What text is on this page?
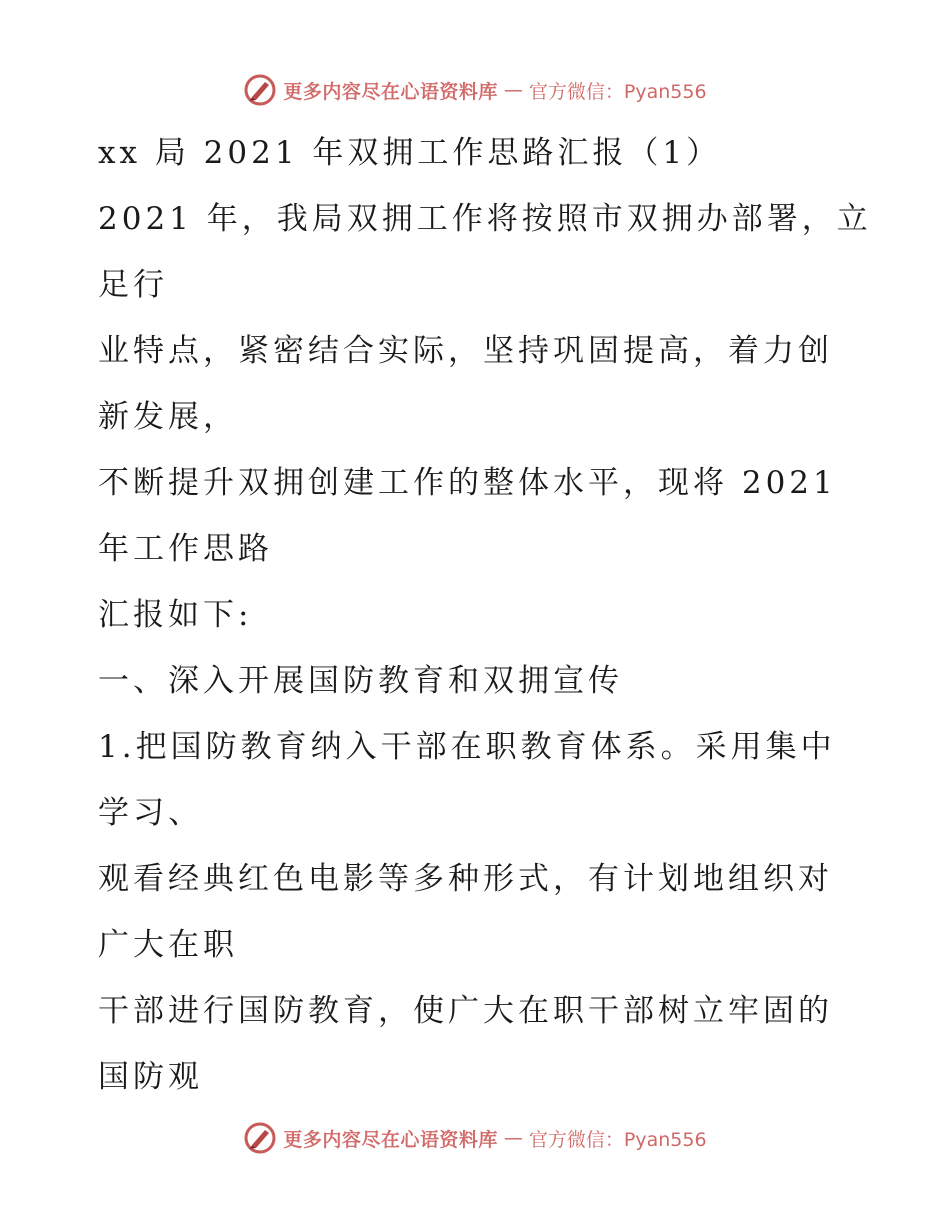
更多内容尽在心语资料库 — 官方微信：Pyan556
xx 局 2021 年双拥工作思路汇报（1）
2021 年，我局双拥工作将按照市双拥办部署，立
足行
业特点，紧密结合实际，坚持巩固提高，着力创
新发展，
不断提升双拥创建工作的整体水平，现将 2021
年工作思路
汇报如下:
一、深入开展国防教育和双拥宣传
1.把国防教育纳入干部在职教育体系。采用集中
学习、
观看经典红色电影等多种形式，有计划地组织对
广大在职
干部进行国防教育，使广大在职干部树立牢固的
国防观
更多内容尽在心语资料库 — 官方微信：Pyan556
